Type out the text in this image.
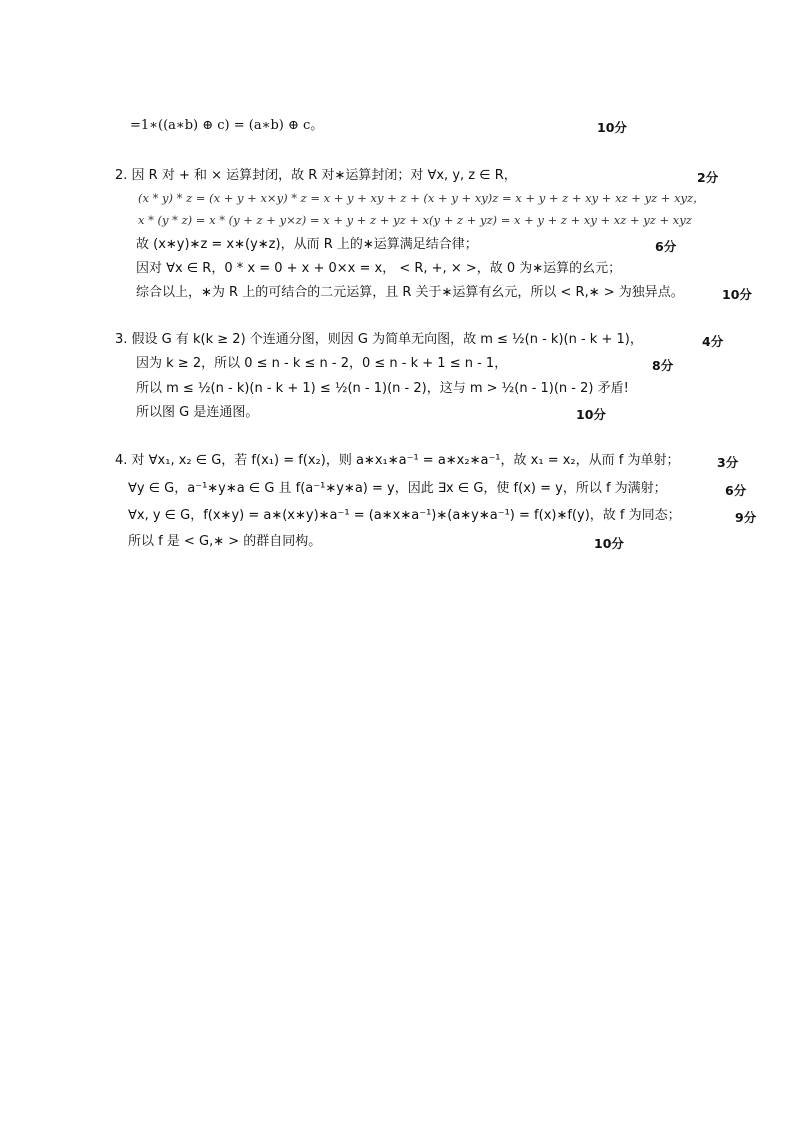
=1∗((a∗b) ⊕ c) = (a∗b) ⊕ c。	10分
2. 因 R 对 + 和 ⨯ 运算封闭，故 R 对∗运算封闭；对 ∀x, y, z ∈ R，	2分
(x * y) * z = (x + y + x×y) * z = x + y + xy + z + (x + y + xy)z = x + y + z + xy + xz + yz + xyz，
x * (y * z) = x * (y + z + y×z) = x + y + z + yz + x(y + z + yz) = x + y + z + xy + xz + yz + xyz
故 (x∗y)∗z = x∗(y∗z)，从而 R 上的∗运算满足结合律；	6分
因对 ∀x ∈ R，0 * x = 0 + x + 0×x = x， < R, +, × >，故 0 为∗运算的幺元；
综合以上，∗为 R 上的可结合的二元运算，且 R 关于∗运算有幺元，所以 < R,∗ > 为独异点。	10分
3. 假设 G 有 k(k ≥ 2) 个连通分图，则因 G 为简单无向图，故 m ≤ ½(n - k)(n - k + 1)，	4分
因为 k ≥ 2，所以 0 ≤ n - k ≤ n - 2，0 ≤ n - k + 1 ≤ n - 1，	8分
所以 m ≤ ½(n - k)(n - k + 1) ≤ ½(n - 1)(n - 2)，这与 m > ½(n - 1)(n - 2) 矛盾!
所以图 G 是连通图。	10分
4. 对 ∀x₁, x₂ ∈ G，若 f(x₁) = f(x₂)，则 a∗x₁∗a⁻¹ = a∗x₂∗a⁻¹，故 x₁ = x₂，从而 f 为单射；	3分
∀y ∈ G，a⁻¹∗y∗a ∈ G 且 f(a⁻¹∗y∗a) = y，因此 ∃x ∈ G，使 f(x) = y，所以 f 为满射；	6分
∀x, y ∈ G，f(x∗y) = a∗(x∗y)∗a⁻¹ = (a∗x∗a⁻¹)∗(a∗y∗a⁻¹) = f(x)∗f(y)，故 f 为同态；	9分
所以 f 是 < G,∗ > 的群自同构。	10分
